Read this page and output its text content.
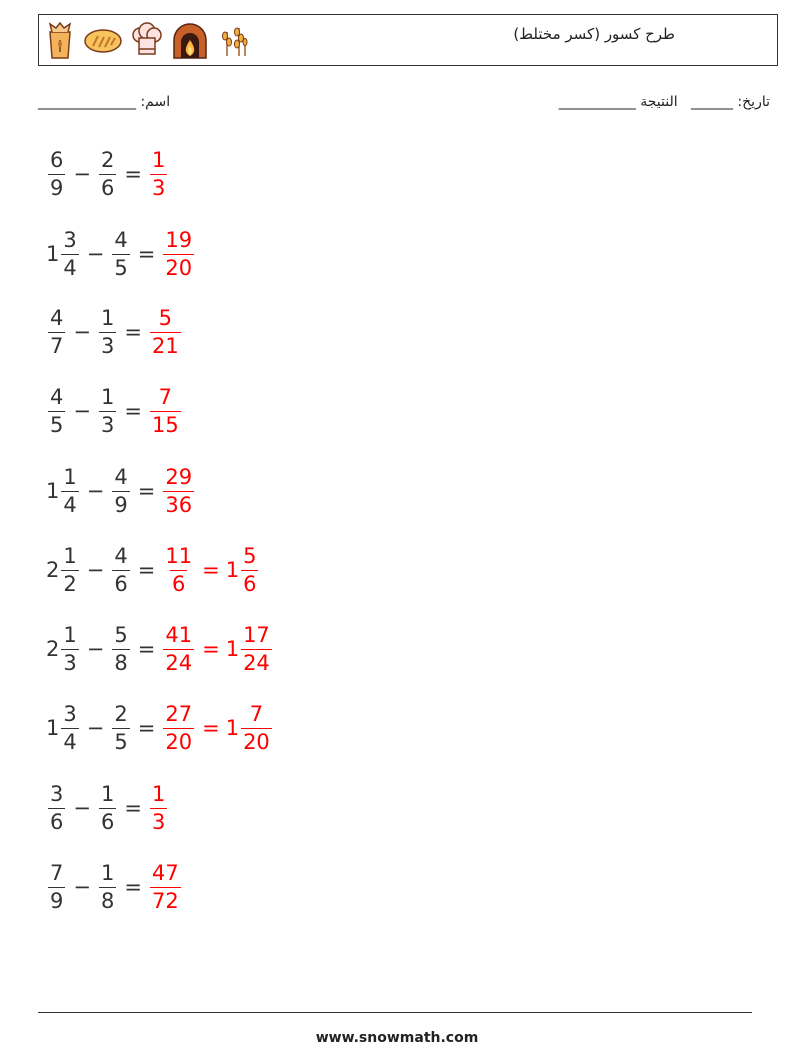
طرح كسور (كسر مختلط)
اسم: ______________	تاريخ: ______   النتيجة ___________
$\frac{6}{9} - \frac{2}{6} = \frac{1}{3}$
$1 \frac{3}{4} - \frac{4}{5} = \frac{19}{20}$
$\frac{4}{7} - \frac{1}{3} = \frac{5}{21}$
$\frac{4}{5} - \frac{1}{3} = \frac{7}{15}$
$1 \frac{1}{4} - \frac{4}{9} = \frac{29}{36}$
$2 \frac{1}{2} - \frac{4}{6} = \frac{11}{6} = 1 \frac{5}{6}$
$2 \frac{1}{3} - \frac{5}{8} = \frac{41}{24} = 1 \frac{17}{24}$
$1 \frac{3}{4} - \frac{2}{5} = \frac{27}{20} = 1 \frac{7}{20}$
$\frac{3}{6} - \frac{1}{6} = \frac{1}{3}$
$\frac{7}{9} - \frac{1}{8} = \frac{47}{72}$
www.snowmath.com
